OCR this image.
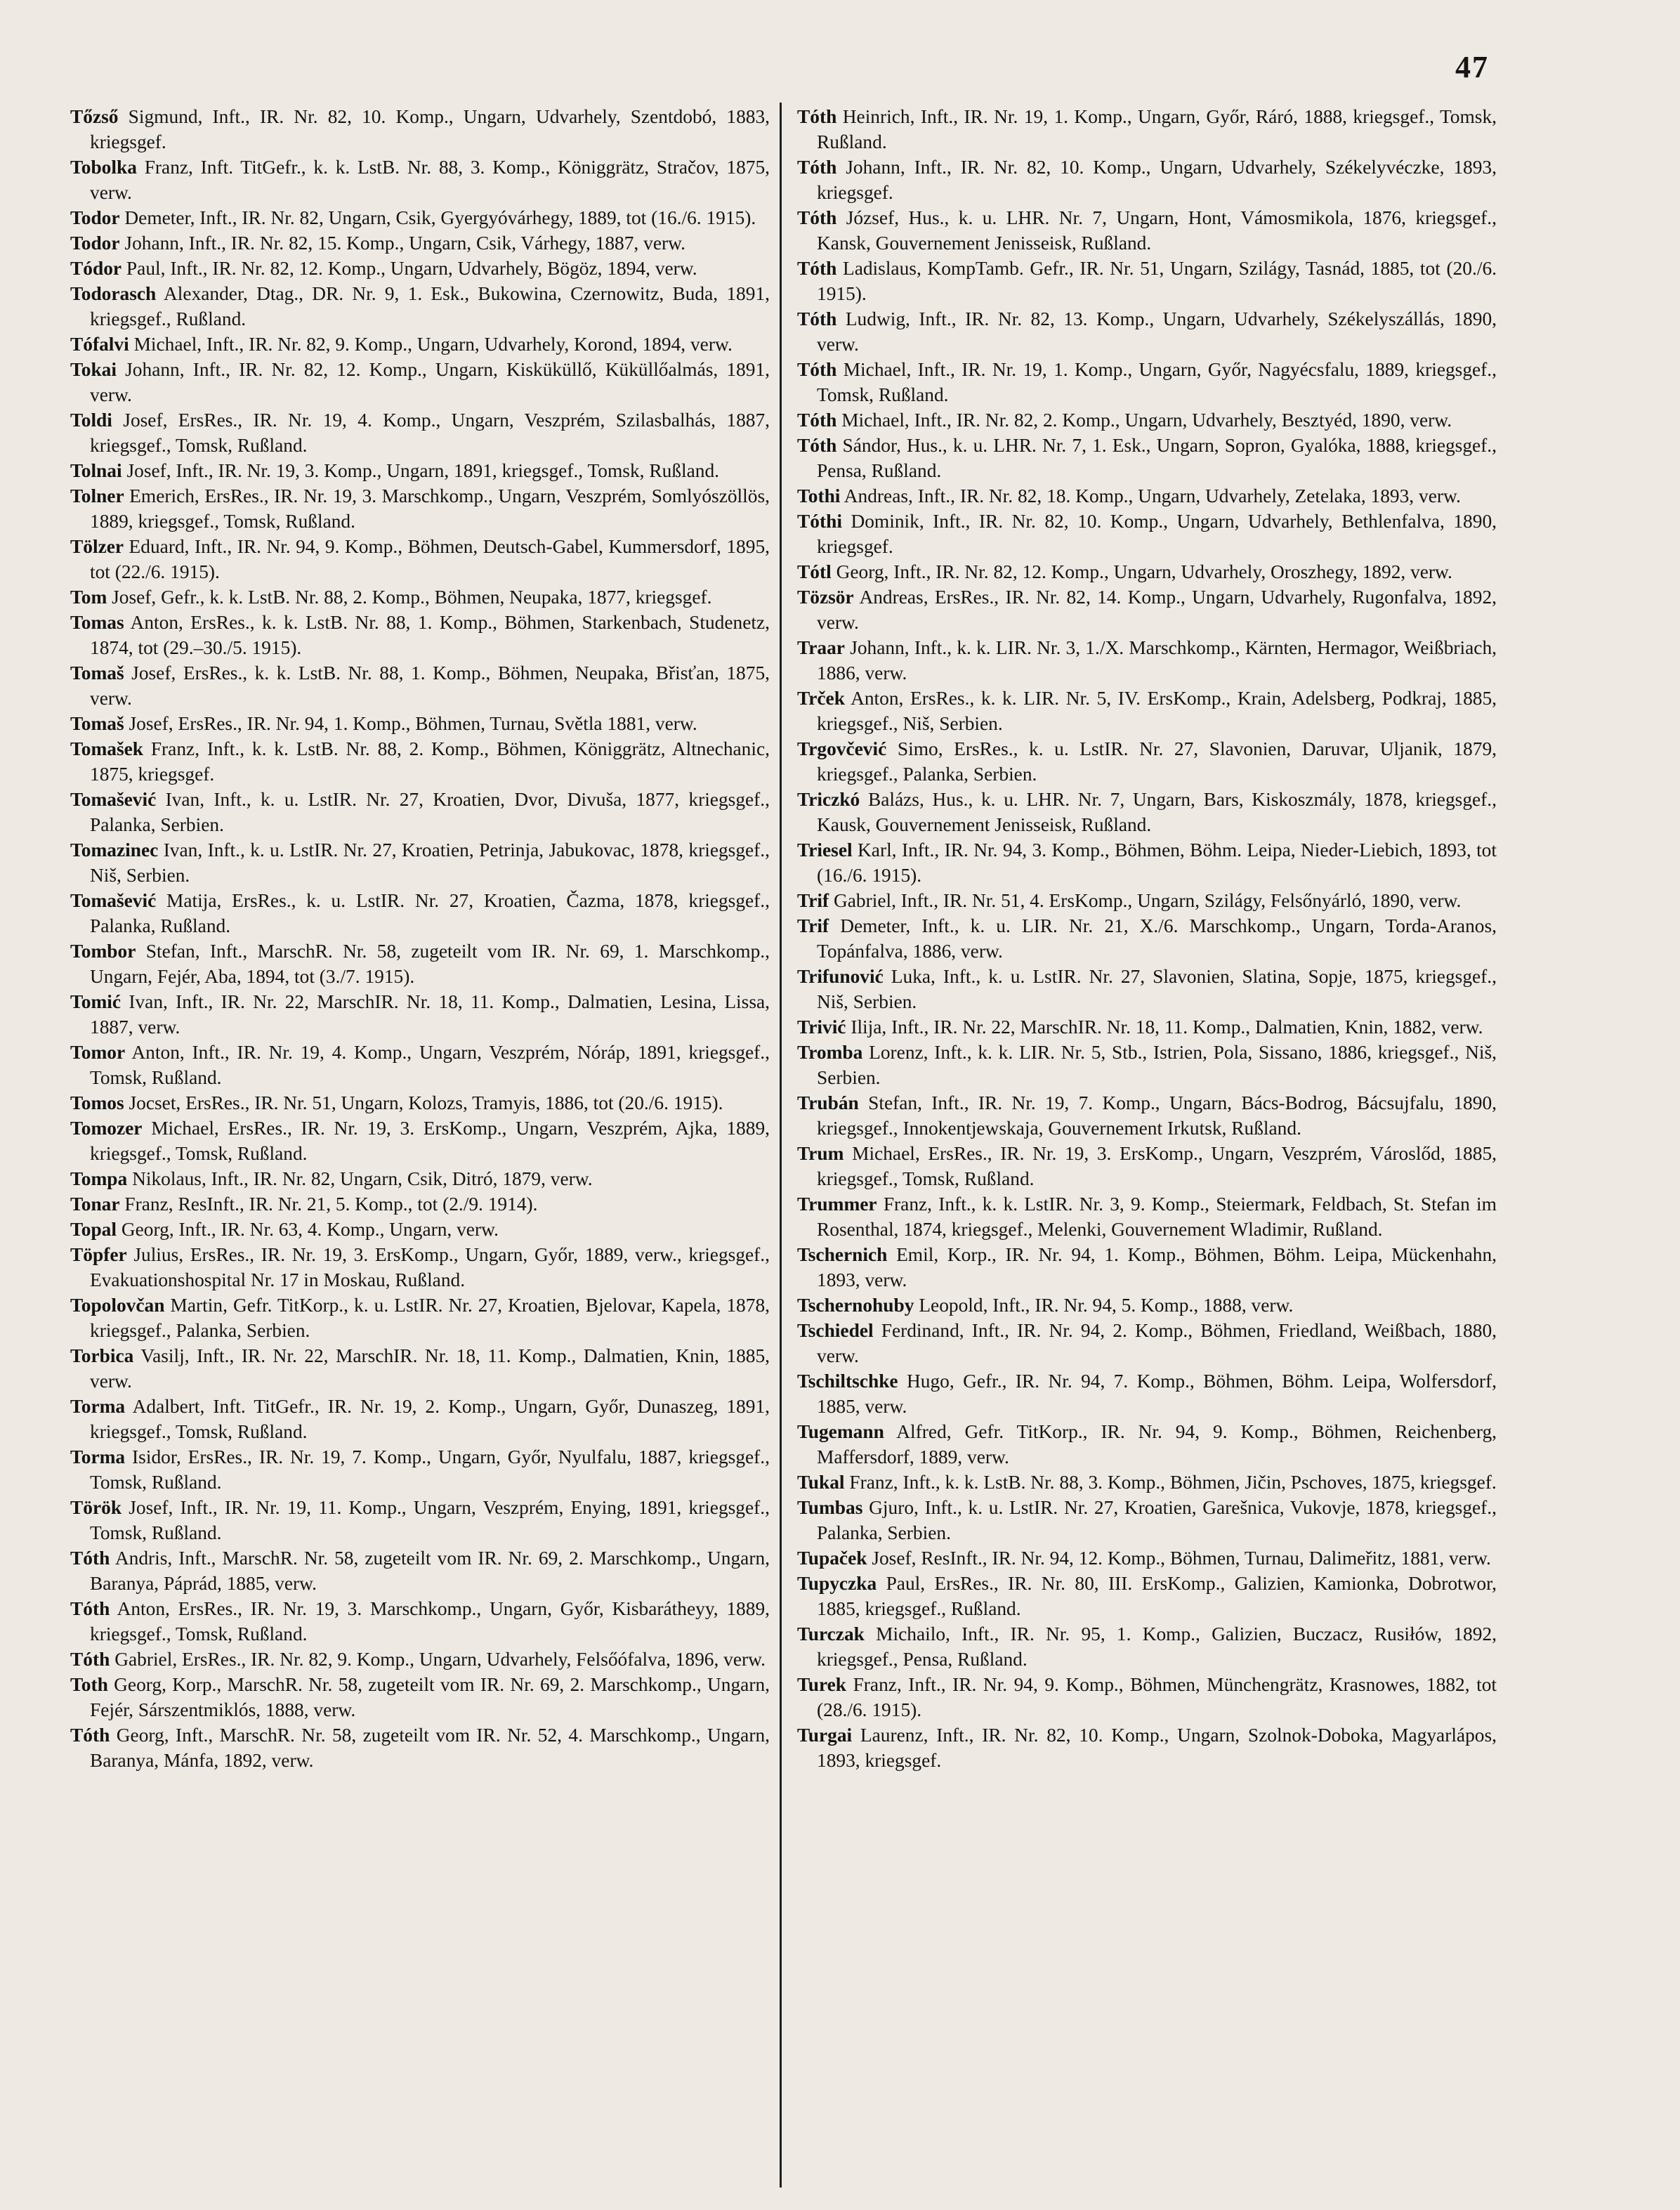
47

Tőzső Sigmund, Inft., IR. Nr. 82, 10. Komp., Ungarn, Udvarhely, Szentdobó, 1883, kriegsgef.

Tobolka Franz, Inft. TitGefr., k. k. LstB. Nr. 88, 3. Komp., Königgrätz, Stračov, 1875, verw.

Todor Demeter, Inft., IR. Nr. 82, Ungarn, Csik, Gyergyóvárhegy, 1889, tot (16./6. 1915).

Todor Johann, Inft., IR. Nr. 82, 15. Komp., Ungarn, Csik, Várhegy, 1887, verw.

Tódor Paul, Inft., IR. Nr. 82, 12. Komp., Ungarn, Udvarhely, Bögöz, 1894, verw.

Todorasch Alexander, Dtag., DR. Nr. 9, 1. Esk., Bukowina, Czernowitz, Buda, 1891, kriegsgef., Rußland.

Tófalvi Michael, Inft., IR. Nr. 82, 9. Komp., Ungarn, Udvarhely, Korond, 1894, verw.

Tokai Johann, Inft., IR. Nr. 82, 12. Komp., Ungarn, Kisküküllő, Küküllőalmás, 1891, verw.

Toldi Josef, ErsRes., IR. Nr. 19, 4. Komp., Ungarn, Veszprém, Szilasbalhás, 1887, kriegsgef., Tomsk, Rußland.

Tolnai Josef, Inft., IR. Nr. 19, 3. Komp., Ungarn, 1891, kriegsgef., Tomsk, Rußland.

Tolner Emerich, ErsRes., IR. Nr. 19, 3. Marschkomp., Ungarn, Veszprém, Somlyószöllös, 1889, kriegsgef., Tomsk, Rußland.

Tölzer Eduard, Inft., IR. Nr. 94, 9. Komp., Böhmen, Deutsch-Gabel, Kummersdorf, 1895, tot (22./6. 1915).

Tom Josef, Gefr., k. k. LstB. Nr. 88, 2. Komp., Böhmen, Neupaka, 1877, kriegsgef.

Tomas Anton, ErsRes., k. k. LstB. Nr. 88, 1. Komp., Böhmen, Starkenbach, Studenetz, 1874, tot (29.–30./5. 1915).

Tomaš Josef, ErsRes., k. k. LstB. Nr. 88, 1. Komp., Böhmen, Neupaka, Břisťan, 1875, verw.

Tomaš Josef, ErsRes., IR. Nr. 94, 1. Komp., Böhmen, Turnau, Světla 1881, verw.

Tomašek Franz, Inft., k. k. LstB. Nr. 88, 2. Komp., Böhmen, Königgrätz, Altnechanic, 1875, kriegsgef.

Tomašević Ivan, Inft., k. u. LstIR. Nr. 27, Kroatien, Dvor, Divuša, 1877, kriegsgef., Palanka, Serbien.

Tomazinec Ivan, Inft., k. u. LstIR. Nr. 27, Kroatien, Petrinja, Jabukovac, 1878, kriegsgef., Niš, Serbien.

Tomašević Matija, ErsRes., k. u. LstIR. Nr. 27, Kroatien, Čazma, 1878, kriegsgef., Palanka, Rußland.

Tombor Stefan, Inft., MarschR. Nr. 58, zugeteilt vom IR. Nr. 69, 1. Marschkomp., Ungarn, Fejér, Aba, 1894, tot (3./7. 1915).

Tomić Ivan, Inft., IR. Nr. 22, MarschIR. Nr. 18, 11. Komp., Dalmatien, Lesina, Lissa, 1887, verw.

Tomor Anton, Inft., IR. Nr. 19, 4. Komp., Ungarn, Veszprém, Nóráp, 1891, kriegsgef., Tomsk, Rußland.

Tomos Jocset, ErsRes., IR. Nr. 51, Ungarn, Kolozs, Tramyis, 1886, tot (20./6. 1915).

Tomozer Michael, ErsRes., IR. Nr. 19, 3. ErsKomp., Ungarn, Veszprém, Ajka, 1889, kriegsgef., Tomsk, Rußland.

Tompa Nikolaus, Inft., IR. Nr. 82, Ungarn, Csik, Ditró, 1879, verw.

Tonar Franz, ResInft., IR. Nr. 21, 5. Komp., tot (2./9. 1914).

Topal Georg, Inft., IR. Nr. 63, 4. Komp., Ungarn, verw.

Töpfer Julius, ErsRes., IR. Nr. 19, 3. ErsKomp., Ungarn, Győr, 1889, verw., kriegsgef., Evakuationshospital Nr. 17 in Moskau, Rußland.

Topolovčan Martin, Gefr. TitKorp., k. u. LstIR. Nr. 27, Kroatien, Bjelovar, Kapela, 1878, kriegsgef., Palanka, Serbien.

Torbica Vasilj, Inft., IR. Nr. 22, MarschIR. Nr. 18, 11. Komp., Dalmatien, Knin, 1885, verw.

Torma Adalbert, Inft. TitGefr., IR. Nr. 19, 2. Komp., Ungarn, Győr, Dunaszeg, 1891, kriegsgef., Tomsk, Rußland.

Torma Isidor, ErsRes., IR. Nr. 19, 7. Komp., Ungarn, Győr, Nyulfalu, 1887, kriegsgef., Tomsk, Rußland.

Török Josef, Inft., IR. Nr. 19, 11. Komp., Ungarn, Veszprém, Enying, 1891, kriegsgef., Tomsk, Rußland.

Tóth Andris, Inft., MarschR. Nr. 58, zugeteilt vom IR. Nr. 69, 2. Marschkomp., Ungarn, Baranya, Páprád, 1885, verw.

Tóth Anton, ErsRes., IR. Nr. 19, 3. Marschkomp., Ungarn, Győr, Kisbarátheyy, 1889, kriegsgef., Tomsk, Rußland.

Tóth Gabriel, ErsRes., IR. Nr. 82, 9. Komp., Ungarn, Udvarhely, Felsőófalva, 1896, verw.

Toth Georg, Korp., MarschR. Nr. 58, zugeteilt vom IR. Nr. 69, 2. Marschkomp., Ungarn, Fejér, Sárszentmiklós, 1888, verw.

Tóth Georg, Inft., MarschR. Nr. 58, zugeteilt vom IR. Nr. 52, 4. Marschkomp., Ungarn, Baranya, Mánfa, 1892, verw.

Tóth Heinrich, Inft., IR. Nr. 19, 1. Komp., Ungarn, Győr, Ráró, 1888, kriegsgef., Tomsk, Rußland.

Tóth Johann, Inft., IR. Nr. 82, 10. Komp., Ungarn, Udvarhely, Székelyvéczke, 1893, kriegsgef.

Tóth József, Hus., k. u. LHR. Nr. 7, Ungarn, Hont, Vámosmikola, 1876, kriegsgef., Kansk, Gouvernement Jenisseisk, Rußland.

Tóth Ladislaus, KompTamb. Gefr., IR. Nr. 51, Ungarn, Szilágy, Tasnád, 1885, tot (20./6. 1915).

Tóth Ludwig, Inft., IR. Nr. 82, 13. Komp., Ungarn, Udvarhely, Székelyszállás, 1890, verw.

Tóth Michael, Inft., IR. Nr. 19, 1. Komp., Ungarn, Győr, Nagyécsfalu, 1889, kriegsgef., Tomsk, Rußland.

Tóth Michael, Inft., IR. Nr. 82, 2. Komp., Ungarn, Udvarhely, Besztyéd, 1890, verw.

Tóth Sándor, Hus., k. u. LHR. Nr. 7, 1. Esk., Ungarn, Sopron, Gyalóka, 1888, kriegsgef., Pensa, Rußland.

Tothi Andreas, Inft., IR. Nr. 82, 18. Komp., Ungarn, Udvarhely, Zetelaka, 1893, verw.

Tóthi Dominik, Inft., IR. Nr. 82, 10. Komp., Ungarn, Udvarhely, Bethlenfalva, 1890, kriegsgef.

Tótl Georg, Inft., IR. Nr. 82, 12. Komp., Ungarn, Udvarhely, Oroszhegy, 1892, verw.

Tözsör Andreas, ErsRes., IR. Nr. 82, 14. Komp., Ungarn, Udvarhely, Rugonfalva, 1892, verw.

Traar Johann, Inft., k. k. LIR. Nr. 3, 1./X. Marschkomp., Kärnten, Hermagor, Weißbriach, 1886, verw.

Trček Anton, ErsRes., k. k. LIR. Nr. 5, IV. ErsKomp., Krain, Adelsberg, Podkraj, 1885, kriegsgef., Niš, Serbien.

Trgovčević Simo, ErsRes., k. u. LstIR. Nr. 27, Slavonien, Daruvar, Uljanik, 1879, kriegsgef., Palanka, Serbien.

Triczkó Balázs, Hus., k. u. LHR. Nr. 7, Ungarn, Bars, Kiskoszmály, 1878, kriegsgef., Kausk, Gouvernement Jenisseisk, Rußland.

Triesel Karl, Inft., IR. Nr. 94, 3. Komp., Böhmen, Böhm. Leipa, Nieder-Liebich, 1893, tot (16./6. 1915).

Trif Gabriel, Inft., IR. Nr. 51, 4. ErsKomp., Ungarn, Szilágy, Felsőnyárló, 1890, verw.

Trif Demeter, Inft., k. u. LIR. Nr. 21, X./6. Marschkomp., Ungarn, Torda-Aranos, Topánfalva, 1886, verw.

Trifunović Luka, Inft., k. u. LstIR. Nr. 27, Slavonien, Slatina, Sopje, 1875, kriegsgef., Niš, Serbien.

Trivić Ilija, Inft., IR. Nr. 22, MarschIR. Nr. 18, 11. Komp., Dalmatien, Knin, 1882, verw.

Tromba Lorenz, Inft., k. k. LIR. Nr. 5, Stb., Istrien, Pola, Sissano, 1886, kriegsgef., Niš, Serbien.

Trubán Stefan, Inft., IR. Nr. 19, 7. Komp., Ungarn, Bács-Bodrog, Bácsujfalu, 1890, kriegsgef., Innokentjewskaja, Gouvernement Irkutsk, Rußland.

Trum Michael, ErsRes., IR. Nr. 19, 3. ErsKomp., Ungarn, Veszprém, Városlőd, 1885, kriegsgef., Tomsk, Rußland.

Trummer Franz, Inft., k. k. LstIR. Nr. 3, 9. Komp., Steiermark, Feldbach, St. Stefan im Rosenthal, 1874, kriegsgef., Melenki, Gouvernement Wladimir, Rußland.

Tschernich Emil, Korp., IR. Nr. 94, 1. Komp., Böhmen, Böhm. Leipa, Mückenhahn, 1893, verw.

Tschernohuby Leopold, Inft., IR. Nr. 94, 5. Komp., 1888, verw.

Tschiedel Ferdinand, Inft., IR. Nr. 94, 2. Komp., Böhmen, Friedland, Weißbach, 1880, verw.

Tschiltschke Hugo, Gefr., IR. Nr. 94, 7. Komp., Böhmen, Böhm. Leipa, Wolfersdorf, 1885, verw.

Tugemann Alfred, Gefr. TitKorp., IR. Nr. 94, 9. Komp., Böhmen, Reichenberg, Maffersdorf, 1889, verw.

Tukal Franz, Inft., k. k. LstB. Nr. 88, 3. Komp., Böhmen, Jičin, Pschoves, 1875, kriegsgef.

Tumbas Gjuro, Inft., k. u. LstIR. Nr. 27, Kroatien, Garešnica, Vukovje, 1878, kriegsgef., Palanka, Serbien.

Tupaček Josef, ResInft., IR. Nr. 94, 12. Komp., Böhmen, Turnau, Dalimeřitz, 1881, verw.

Tupyczka Paul, ErsRes., IR. Nr. 80, III. ErsKomp., Galizien, Kamionka, Dobrotwor, 1885, kriegsgef., Rußland.

Turczak Michailo, Inft., IR. Nr. 95, 1. Komp., Galizien, Buczacz, Rusiłów, 1892, kriegsgef., Pensa, Rußland.

Turek Franz, Inft., IR. Nr. 94, 9. Komp., Böhmen, Münchengrätz, Krasnowes, 1882, tot (28./6. 1915).

Turgai Laurenz, Inft., IR. Nr. 82, 10. Komp., Ungarn, Szolnok-Doboka, Magyarlápos, 1893, kriegsgef.
